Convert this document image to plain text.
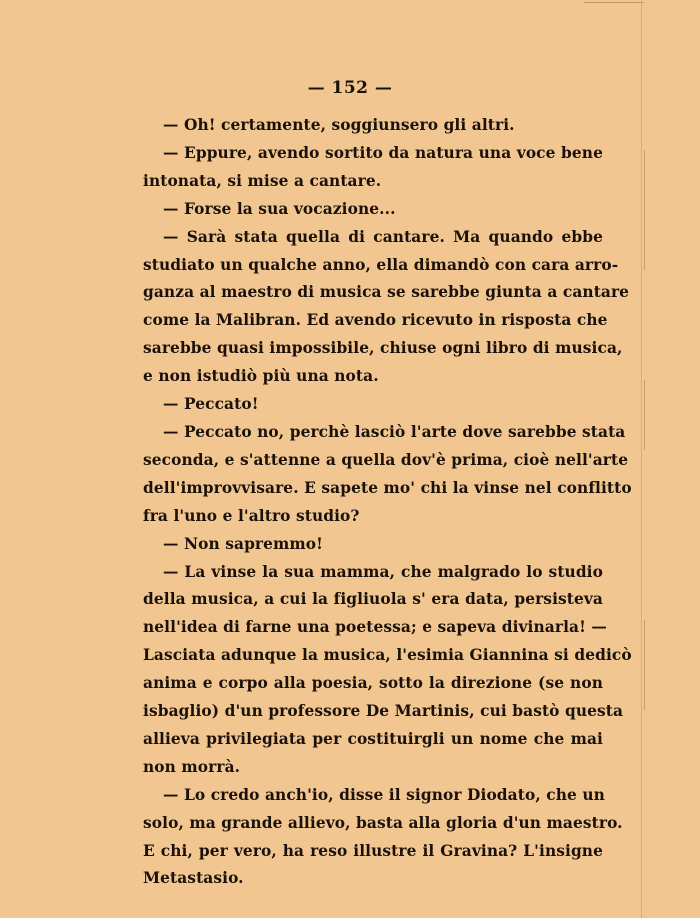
— 152 —
— Oh! certamente, soggiunsero gli altri.
— Eppure, avendo sortito da natura una voce bene
intonata, si mise a cantare.
— Forse la sua vocazione...
— Sarà stata quella di cantare. Ma quando ebbe
studiato un qualche anno, ella dimandò con cara arro-
ganza al maestro di musica se sarebbe giunta a cantare
come la Malibran. Ed avendo ricevuto in risposta che
sarebbe quasi impossibile, chiuse ogni libro di musica,
e non istudiò più una nota.
— Peccato!
— Peccato no, perchè lasciò l'arte dove sarebbe stata
seconda, e s'attenne a quella dov'è prima, cioè nell'arte
dell'improvvisare. E sapete mo' chi la vinse nel conflitto
fra l'uno e l'altro studio?
— Non sapremmo!
— La vinse la sua mamma, che malgrado lo studio
della musica, a cui la figliuola s' era data, persisteva
nell'idea di farne una poetessa; e sapeva divinarla! —
Lasciata adunque la musica, l'esimia Giannina si dedicò
anima e corpo alla poesia, sotto la direzione (se non
isbaglio) d'un professore De Martinis, cui bastò questa
allieva privilegiata per costituirgli un nome che mai
non morrà.
— Lo credo anch'io, disse il signor Diodato, che un
solo, ma grande allievo, basta alla gloria d'un maestro.
E chi, per vero, ha reso illustre il Gravina? L'insigne
Metastasio.
